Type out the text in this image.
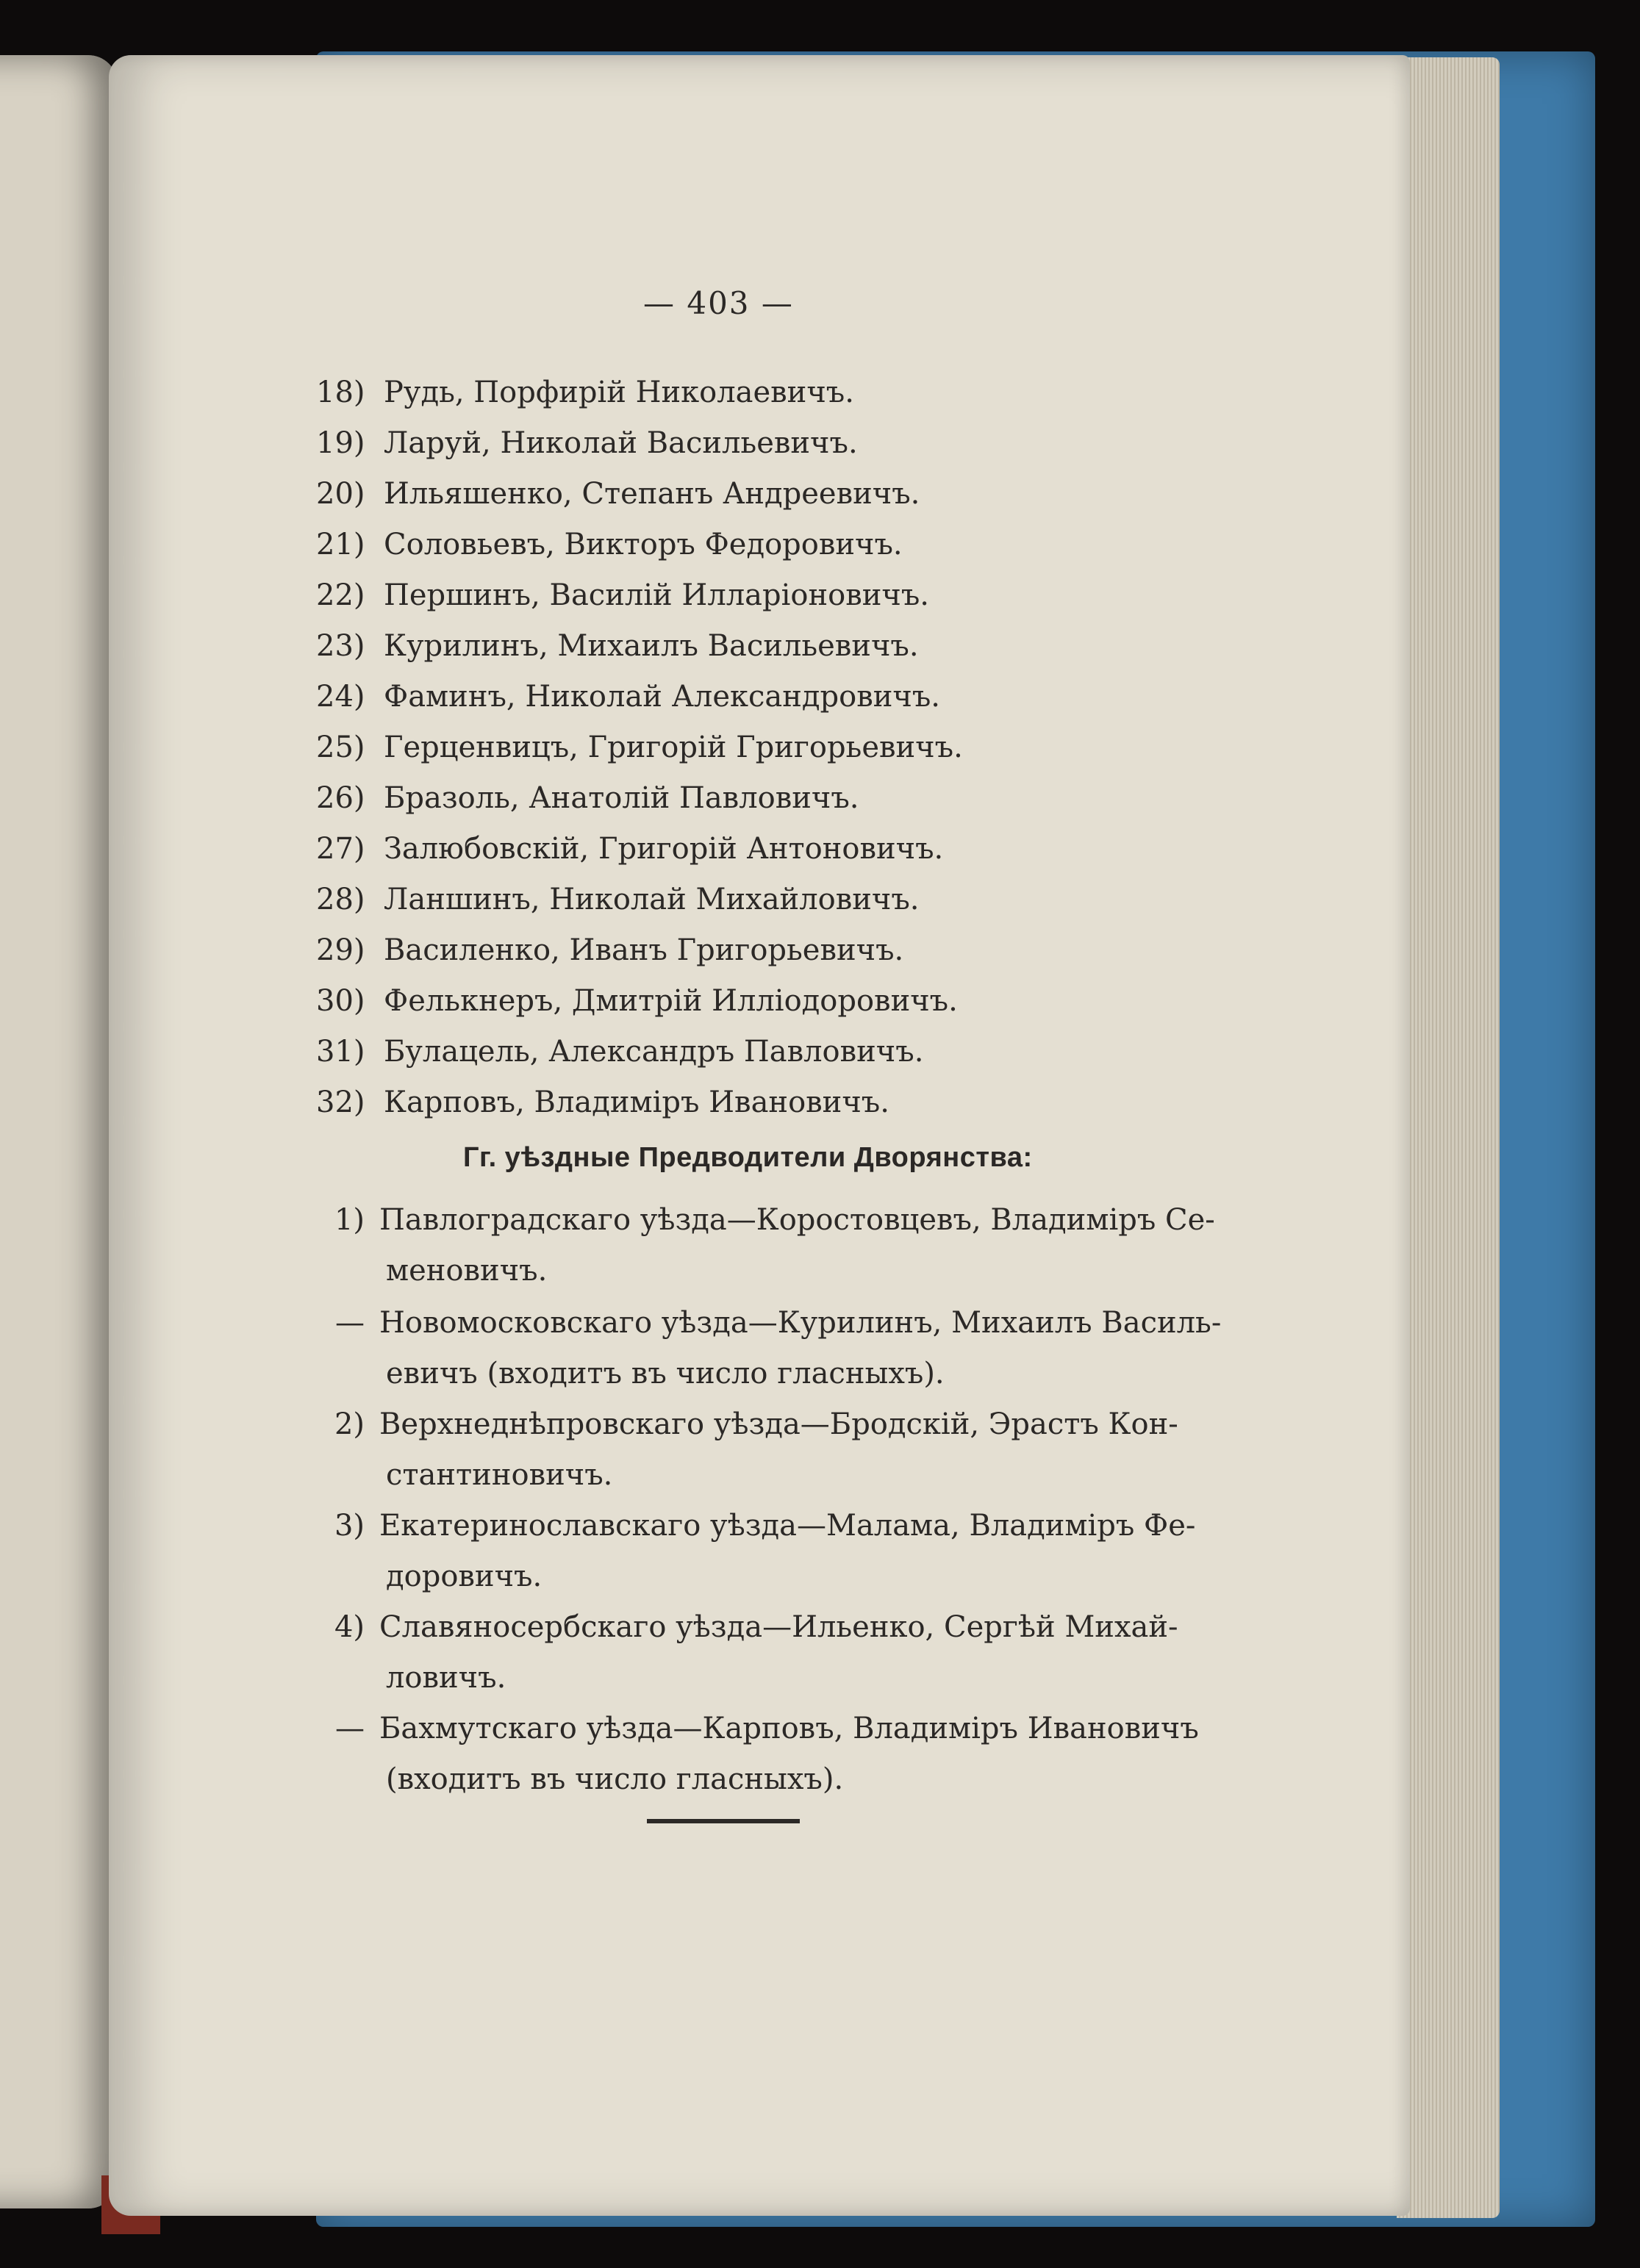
— 403 —
18) Рудь, Порфирій Николаевичъ.
19) Ларуй, Николай Васильевичъ.
20) Ильяшенко, Степанъ Андреевичъ.
21) Соловьевъ, Викторъ Федоровичъ.
22) Першинъ, Василій Илларіоновичъ.
23) Курилинъ, Михаилъ Васильевичъ.
24) Фаминъ, Николай Александровичъ.
25) Герценвицъ, Григорій Григорьевичъ.
26) Бразоль, Анатолій Павловичъ.
27) Залюбовскій, Григорій Антоновичъ.
28) Ланшинъ, Николай Михайловичъ.
29) Василенко, Иванъ Григорьевичъ.
30) Фелькнеръ, Дмитрій Иллiодоровичъ.
31) Булацель, Александръ Павловичъ.
32) Карповъ, Владиміръ Ивановичъ.
Гг. уѣздные Предводители Дворянства:
1) Павлоградскаго уѣзда—Коростовцевъ, Владиміръ Се-
меновичъ.
— Новомосковскаго уѣзда—Курилинъ, Михаилъ Василь-
евичъ (входитъ въ число гласныхъ).
2) Верхнеднѣпровскаго уѣзда—Бродскій, Эрастъ Кон-
стантиновичъ.
3) Екатеринославскаго уѣзда—Малама, Владиміръ Фе-
доровичъ.
4) Славяносербскаго уѣзда—Ильенко, Сергѣй Михай-
ловичъ.
— Бахмутскаго уѣзда—Карповъ, Владиміръ Ивановичъ
(входитъ въ число гласныхъ).
